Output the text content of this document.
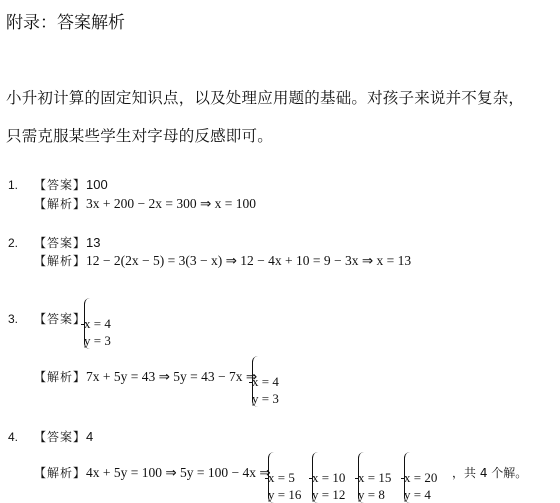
附录：答案解析
小升初计算的固定知识点，以及处理应用题的基础。对孩子来说并不复杂，
只需克服某些学生对字母的反感即可。
1. 【答案】100
【解析】3x + 200 − 2x = 300 ⇒ x = 100
2. 【答案】13
【解析】12 − 2(2x − 5) = 3(3 − x) ⇒ 12 − 4x + 10 = 9 − 3x ⇒ x = 13
3. 【答案】
x = 4
y = 3
【解析】7x + 5y = 43 ⇒ 5y = 43 − 7x ⇒
x = 4
y = 3
4. 【答案】4
【解析】4x + 5y = 100 ⇒ 5y = 100 − 4x ⇒
x = 5
y = 16
x = 10
y = 12
x = 15
y = 8
x = 20
y = 4
，共 4 个解。
